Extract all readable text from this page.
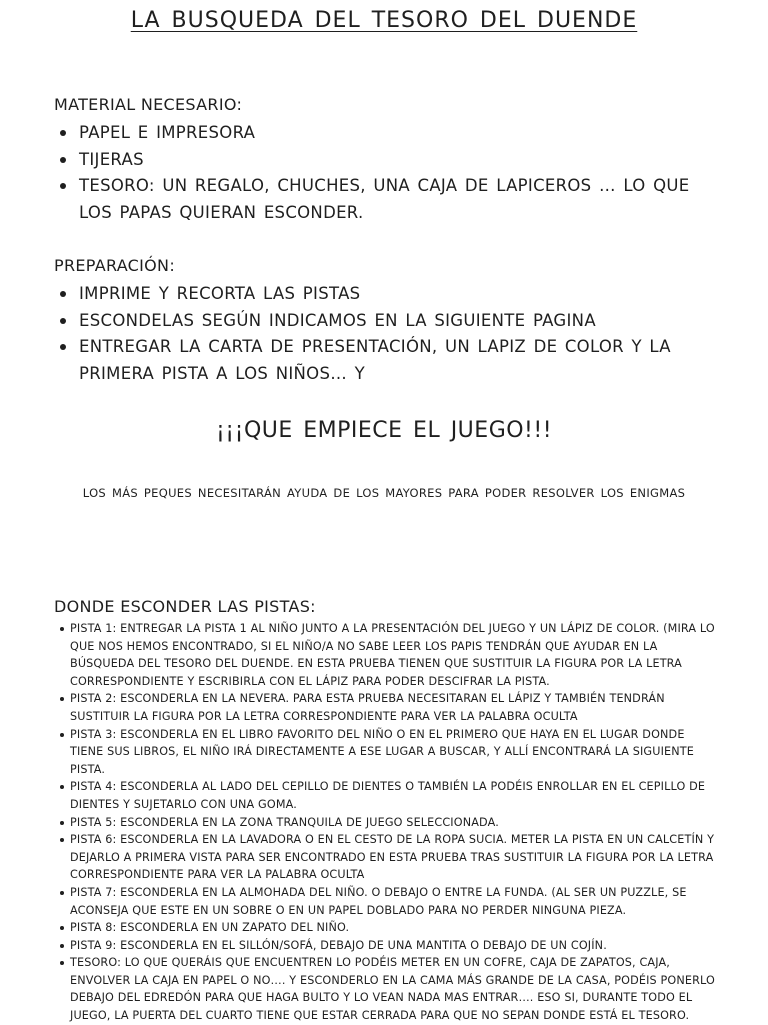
LA BUSQUEDA DEL TESORO DEL DUENDE
MATERIAL NECESARIO:
PAPEL E IMPRESORA
TIJERAS
TESORO: UN REGALO, CHUCHES, UNA CAJA DE LAPICEROS … LO QUE LOS PAPAS QUIERAN ESCONDER.
PREPARACIÓN:
IMPRIME Y RECORTA LAS PISTAS
ESCONDELAS SEGÚN INDICAMOS EN LA SIGUIENTE PAGINA
ENTREGAR LA CARTA DE PRESENTACIÓN, UN LAPIZ DE COLOR Y LA PRIMERA PISTA A LOS NIÑOS… Y
¡¡¡QUE EMPIECE EL JUEGO!!!

LOS MÁS PEQUES NECESITARÁN AYUDA DE LOS MAYORES PARA PODER RESOLVER LOS ENIGMAS

DONDE ESCONDER LAS PISTAS:
PISTA 1: ENTREGAR LA PISTA 1 AL NIÑO JUNTO A LA PRESENTACIÓN DEL JUEGO Y UN LÁPIZ DE COLOR. (MIRA LO QUE NOS HEMOS ENCONTRADO, SI EL NIÑO/A NO SABE LEER LOS PAPIS TENDRÁN QUE AYUDAR EN LA BÚSQUEDA DEL TESORO DEL DUENDE. EN ESTA PRUEBA TIENEN QUE SUSTITUIR LA FIGURA POR LA LETRA CORRESPONDIENTE Y ESCRIBIRLA CON EL LÁPIZ PARA PODER DESCIFRAR LA PISTA.
PISTA 2: ESCONDERLA EN LA NEVERA. PARA ESTA PRUEBA NECESITARAN EL LÁPIZ Y TAMBIÉN TENDRÁN SUSTITUIR LA FIGURA POR LA LETRA CORRESPONDIENTE PARA VER LA PALABRA OCULTA
PISTA 3: ESCONDERLA EN EL LIBRO FAVORITO DEL NIÑO O EN EL PRIMERO QUE HAYA EN EL LUGAR DONDE TIENE SUS LIBROS, EL NIÑO IRÁ DIRECTAMENTE A ESE LUGAR A BUSCAR, Y ALLÍ ENCONTRARÁ LA SIGUIENTE PISTA.
PISTA 4: ESCONDERLA AL LADO DEL CEPILLO DE DIENTES O TAMBIÉN LA PODÉIS ENROLLAR EN EL CEPILLO DE DIENTES Y SUJETARLO CON UNA GOMA.
PISTA 5: ESCONDERLA EN LA ZONA TRANQUILA DE JUEGO SELECCIONADA.
PISTA 6: ESCONDERLA EN LA LAVADORA O EN EL CESTO DE LA ROPA SUCIA. METER LA PISTA EN UN CALCETÍN Y DEJARLO A PRIMERA VISTA PARA SER ENCONTRADO EN ESTA PRUEBA TRAS SUSTITUIR LA FIGURA POR LA LETRA CORRESPONDIENTE PARA VER LA PALABRA OCULTA
PISTA 7: ESCONDERLA EN LA ALMOHADA DEL NIÑO. O DEBAJO O ENTRE LA FUNDA. (AL SER UN PUZZLE, SE ACONSEJA QUE ESTE EN UN SOBRE O EN UN PAPEL DOBLADO PARA NO PERDER NINGUNA PIEZA.
PISTA 8: ESCONDERLA EN UN ZAPATO DEL NIÑO.
PISTA 9: ESCONDERLA EN EL SILLÓN/SOFÁ, DEBAJO DE UNA MANTITA O DEBAJO DE UN COJÍN.
TESORO: LO QUE QUERÁIS QUE ENCUENTREN LO PODÉIS METER EN UN COFRE, CAJA DE ZAPATOS, CAJA, ENVOLVER LA CAJA EN PAPEL O NO…. Y ESCONDERLO EN LA CAMA MÁS GRANDE DE LA CASA, PODÉIS PONERLO DEBAJO DEL EDREDÓN PARA QUE HAGA BULTO Y LO VEAN NADA MAS ENTRAR…. ESO SI, DURANTE TODO EL JUEGO, LA PUERTA DEL CUARTO TIENE QUE ESTAR CERRADA PARA QUE NO SEPAN DONDE ESTÁ EL TESORO.
